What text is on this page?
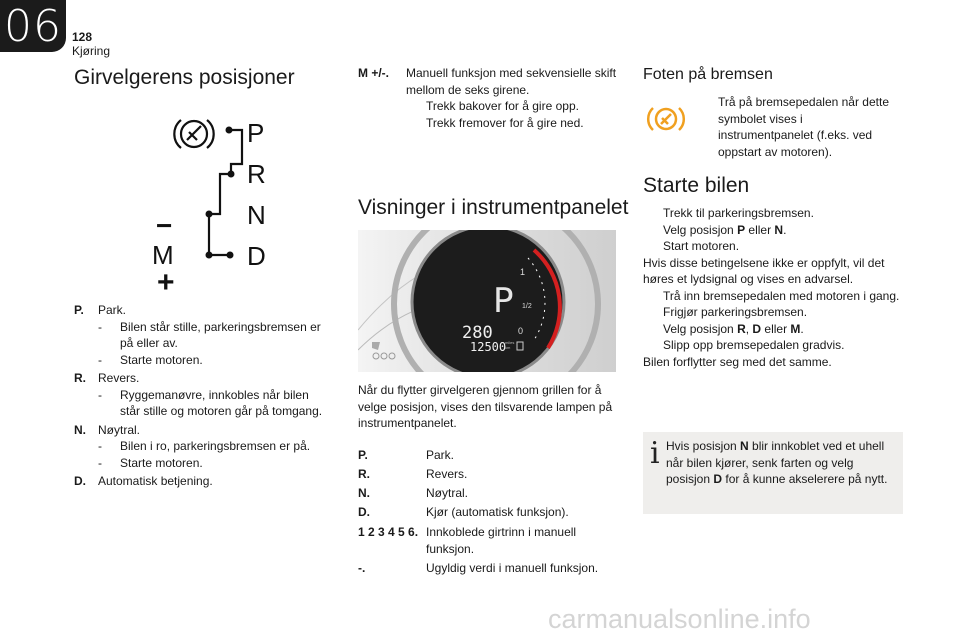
06 128
Kjøring
Girvelgerens posisjoner
P
R
N
D
−
M
+
P.	Park.
-	Bilen står stille, parkeringsbremsen er på eller av.
-	Starte motoren.
R.	Revers.
-	Ryggemanøvre, innkobles når bilen står stille og motoren går på tomgang.
N.	Nøytral.
-	Bilen i ro, parkeringsbremsen er på.
-	Starte motoren.
D.	Automatisk betjening.
M +/-.	Manuell funksjon med sekvensielle skift mellom de seks girene.
Trekk bakover for å gire opp.
Trekk fremover for å gire ned.
Visninger i instrumentpanelet
P
280
12500
1
1/2
0
miles
km
Når du flytter girvelgeren gjennom grillen for å velge posisjon, vises den tilsvarende lampen på instrumentpanelet.
P.	Park.
R.	Revers.
N.	Nøytral.
D.	Kjør (automatisk funksjon).
1 2 3 4 5 6. Innkoblede girtrinn i manuell funksjon.
-.	Ugyldig verdi i manuell funksjon.
Foten på bremsen
Trå på bremsepedalen når dette symbolet vises i instrumentpanelet (f.eks. ved oppstart av motoren).
Starte bilen
Trekk til parkeringsbremsen.
Velg posisjon P eller N.
Start motoren.
Hvis disse betingelsene ikke er oppfylt, vil det høres et lydsignal og vises en advarsel.
Trå inn bremsepedalen med motoren i gang.
Frigjør parkeringsbremsen.
Velg posisjon R, D eller M.
Slipp opp bremsepedalen gradvis.
Bilen forflytter seg med det samme.
i Hvis posisjon N blir innkoblet ved et uhell når bilen kjører, senk farten og velg posisjon D for å kunne akselerere på nytt.
carmanualsonline.info
